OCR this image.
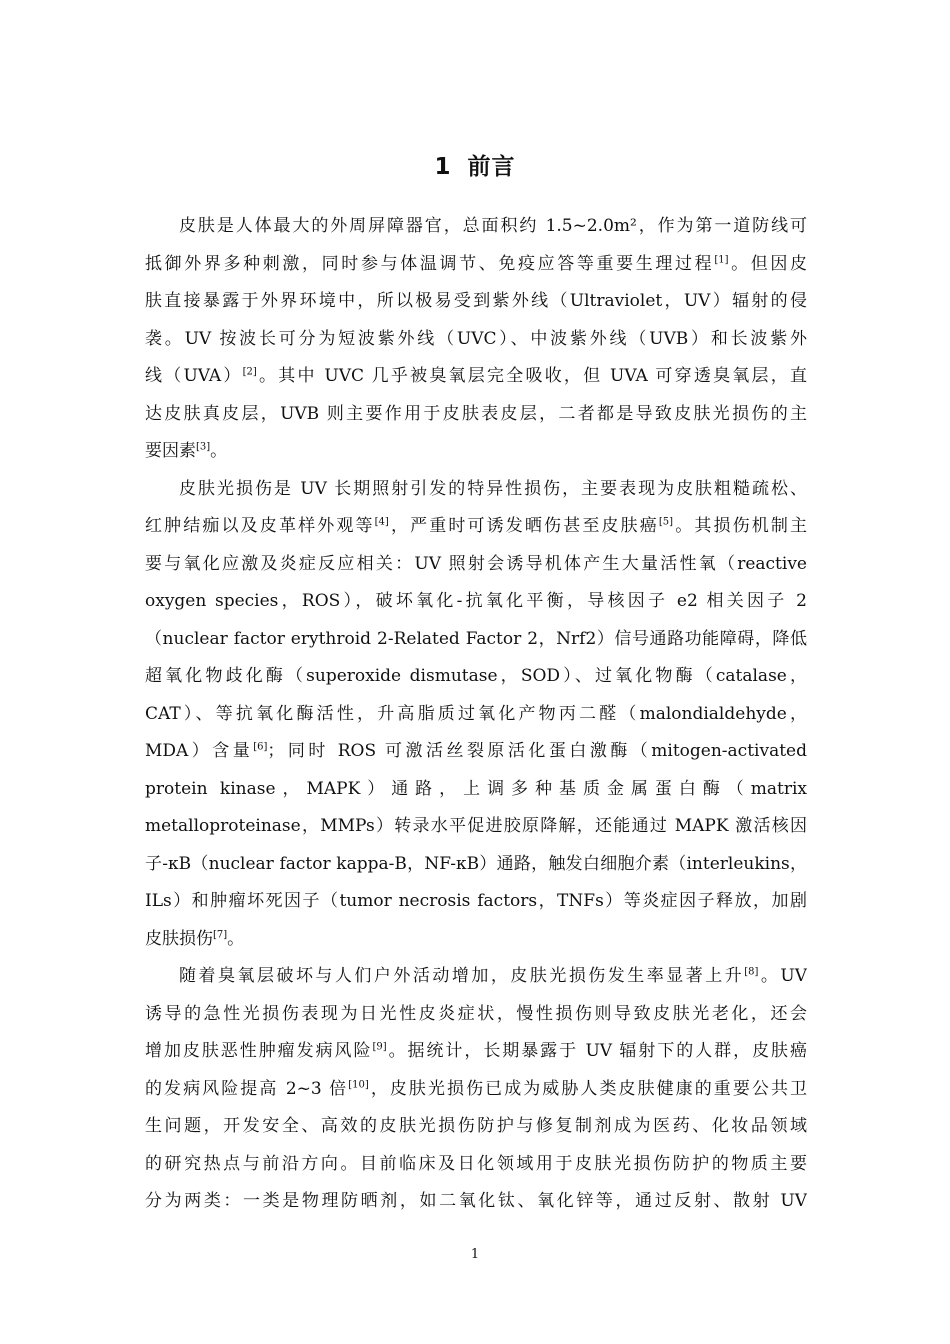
1 前言
皮肤是人体最大的外周屏障器官，总面积约 1.5~2.0m²，作为第一道防线可
抵御外界多种刺激，同时参与体温调节、免疫应答等重要生理过程[1]。但因皮
肤直接暴露于外界环境中，所以极易受到紫外线（Ultraviolet，UV）辐射的侵
袭。UV 按波长可分为短波紫外线（UVC）、中波紫外线（UVB）和长波紫外
线（UVA）[2]。其中 UVC 几乎被臭氧层完全吸收，但 UVA 可穿透臭氧层，直
达皮肤真皮层，UVB 则主要作用于皮肤表皮层，二者都是导致皮肤光损伤的主
要因素[3]。
皮肤光损伤是 UV 长期照射引发的特异性损伤，主要表现为皮肤粗糙疏松、
红肿结痂以及皮革样外观等[4]，严重时可诱发晒伤甚至皮肤癌[5]。其损伤机制主
要与氧化应激及炎症反应相关：UV 照射会诱导机体产生大量活性氧（reactive
oxygen species，ROS），破坏氧化-抗氧化平衡，导核因子 e2 相关因子 2
（nuclear factor erythroid 2-Related Factor 2，Nrf2）信号通路功能障碍，降低
超氧化物歧化酶（superoxide dismutase，SOD）、过氧化物酶（catalase，
CAT）、等抗氧化酶活性，升高脂质过氧化产物丙二醛（malondialdehyde，
MDA）含量[6]；同时 ROS 可激活丝裂原活化蛋白激酶（mitogen-activated
protein kinase，MAPK）通路，上调多种基质金属蛋白酶（matrix
metalloproteinase，MMPs）转录水平促进胶原降解，还能通过 MAPK 激活核因
子-κB（nuclear factor kappa-B，NF-κB）通路，触发白细胞介素（interleukins，
ILs）和肿瘤坏死因子（tumor necrosis factors，TNFs）等炎症因子释放，加剧
皮肤损伤[7]。
随着臭氧层破坏与人们户外活动增加，皮肤光损伤发生率显著上升[8]。UV
诱导的急性光损伤表现为日光性皮炎症状，慢性损伤则导致皮肤光老化，还会
增加皮肤恶性肿瘤发病风险[9]。据统计，长期暴露于 UV 辐射下的人群，皮肤癌
的发病风险提高 2~3 倍[10]，皮肤光损伤已成为威胁人类皮肤健康的重要公共卫
生问题，开发安全、高效的皮肤光损伤防护与修复制剂成为医药、化妆品领域
的研究热点与前沿方向。目前临床及日化领域用于皮肤光损伤防护的物质主要
分为两类：一类是物理防晒剂，如二氧化钛、氧化锌等，通过反射、散射 UV
1
